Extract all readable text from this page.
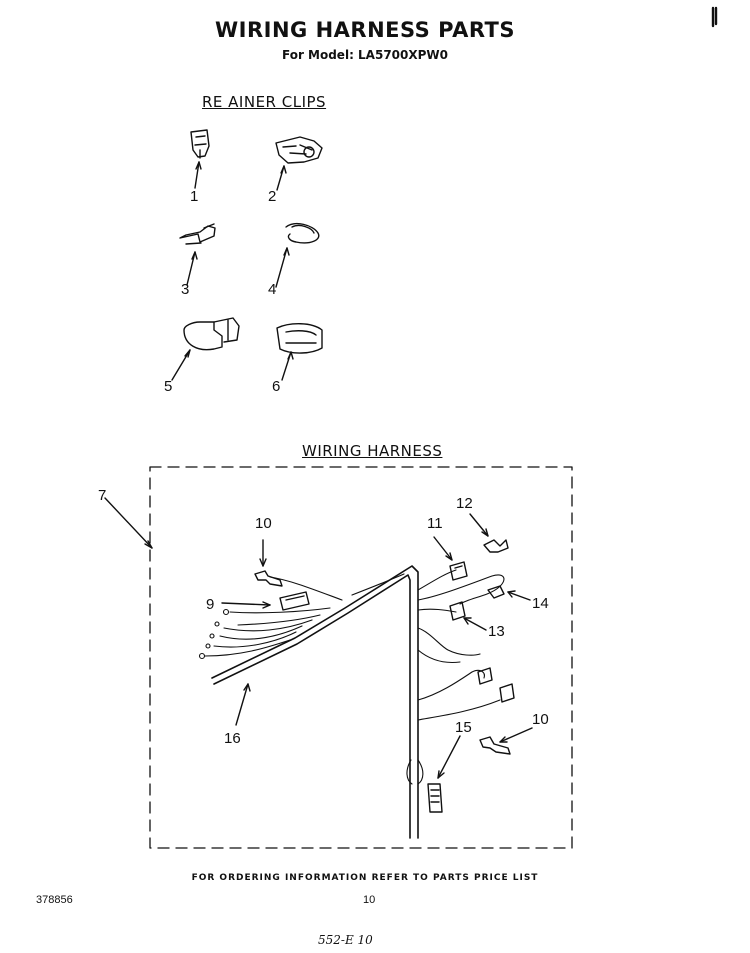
WIRING HARNESS PARTS
For Model: LA5700XPW0
RE AINER CLIPS
WIRING HARNESS
1	2
3	4
5	6
7
10	11
12
9	14
13
10
15
16
FOR ORDERING INFORMATION REFER TO PARTS PRICE LIST
378856	10
552-E 10
